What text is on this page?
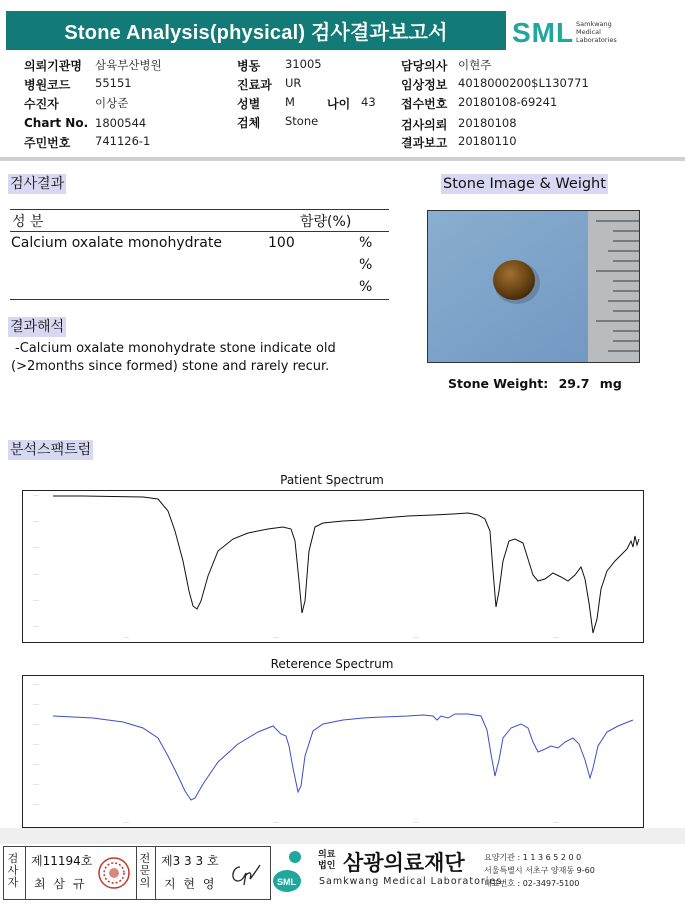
Stone Analysis(physical) 검사결과보고서	SML Samkwang
Medical
Laboratories
의뢰기관명 삼육부산병원
병원코드 55151
수진자	이상준
Chart No. 1800544
주민번호 741126-1
병동 31005
진료과 UR
성별 M	나이 43
검체 Stone
담당의사 이현주
임상정보 4018000200$L130771
접수번호 20180108-69241
검사의뢰 20180108
결과보고 20180110
검사결과
성 분	함량(%)
Calcium oxalate monohydrate	100	%
%
%
결과해석
-Calcium oxalate monohydrate stone indicate old
(>2months since formed) stone and rarely recur.
Stone Image & Weight
Stone Weight: 29.7 mg
분석스팩트럼
Patient Spectrum
----
----
----
----
----
----
----	----	----	----
Reterence Spectrum
----
----
----
----
----
----
----
----	----	----	----
검사자
제11194호
최 삼 규
전문의
제3 3 3 호
지 현 영	SML
의료
법인 삼광의료재단
Samkwang Medical Laboratories
요양기관 : 1 1 3 6 5 2 0 0
서울특별시 서초구 양재동 9-60
대표번호 : 02-3497-5100
